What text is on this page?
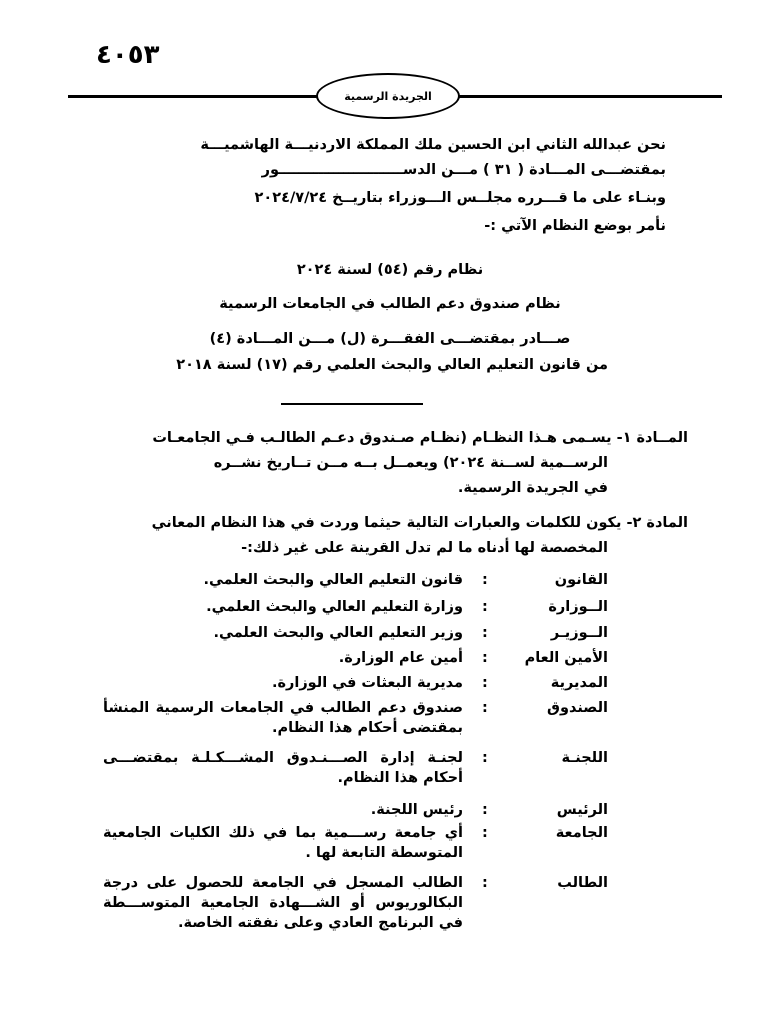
٤٠٥٣
الجريدة الرسمية
نحن عبدالله الثاني ابن الحسين ملك المملكة الاردنيـــة الهاشميـــة
بمقتضـــى المـــادة ( ٣١ ) مـــن الدســـــــــــــــــــــــــور
وبنـاء على ما قـــرره مجلــس الـــوزراء بتاريــخ ٢٠٢٤/٧/٢٤
نأمر بوضع النظام الآتي :-
نظام رقم (٥٤) لسنة ٢٠٢٤
نظام صندوق دعم الطالب في الجامعات الرسمية
صـــادر بمقتضـــى الفقـــرة (ل) مـــن المـــادة (٤)
من قانون التعليم العالي والبحث العلمي رقم (١٧) لسنة ٢٠١٨
المــادة ١- يسـمى هـذا النظـام (نظـام صـندوق دعـم الطالـب فـي الجامعـات
الرســمية لســنة ٢٠٢٤) ويعمــل بــه مــن تــاريخ نشــره
في الجريدة الرسمية.
المادة ٢- يكون للكلمات والعبارات التالية حيثما وردت في هذا النظام المعاني
المخصصة لها أدناه ما لم تدل القرينة على غير ذلك:-
القانون
:
قانون التعليم العالي والبحث العلمي.
الــوزارة
:
وزارة التعليم العالي والبحث العلمي.
الــوزيـر
:
وزير التعليم العالي والبحث العلمي.
الأمين العام
:
أمين عام الوزارة.
المديرية
:
مديرية البعثات في الوزارة.
الصندوق
:
صندوق دعم الطالب في الجامعات الرسمية المنشأ بمقتضى أحكام هذا النظام.
اللجنـة
:
لجنـة إدارة الصـــنـدوق المشـــكـلـة بمقتضـــى أحكام هذا النظام.
الرئيس
:
رئيس اللجنة.
الجامعة
:
أي جامعة رســـمية بما في ذلك الكليات الجامعية المتوسطة التابعة لها .
الطالب
:
الطالب المسجل في الجامعة للحصول على درجة البكالوريوس أو الشـــهادة الجامعية المتوســـطة في البرنامج العادي وعلى نفقته الخاصة.
